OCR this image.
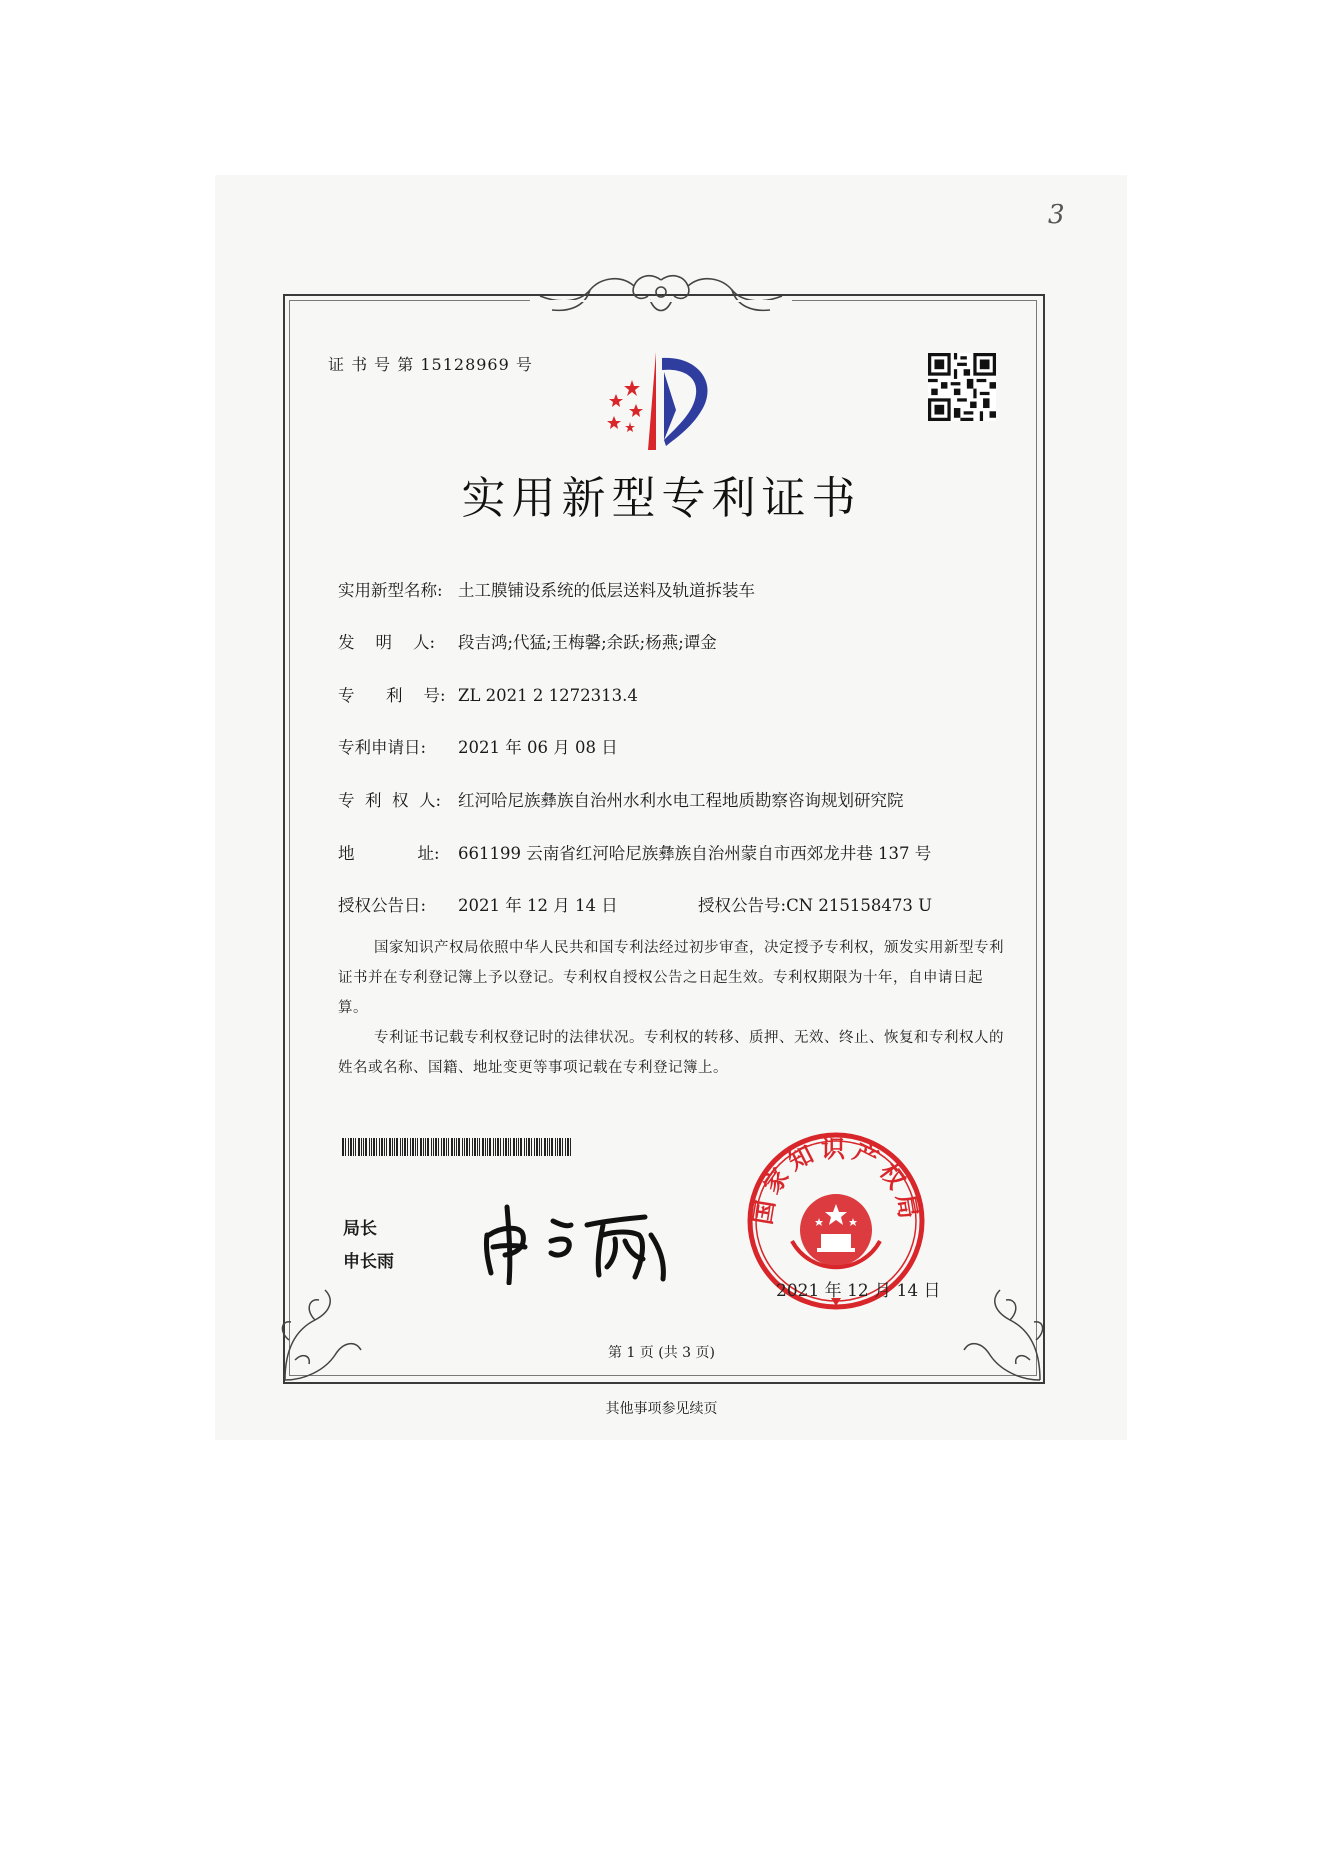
3
证 书 号 第 15128969 号
实用新型专利证书
实用新型名称: 土工膜铺设系统的低层送料及轨道拆装车
发    明    人: 段吉鸿;代猛;王梅馨;余跃;杨燕;谭金
专      利    号: ZL 2021 2 1272313.4
专利申请日: 2021 年 06 月 08 日
专  利  权  人: 红河哈尼族彝族自治州水利水电工程地质勘察咨询规划研究院
地            址: 661199 云南省红河哈尼族彝族自治州蒙自市西郊龙井巷 137 号
授权公告日: 2021 年 12 月 14 日	授权公告号:CN 215158473 U
国家知识产权局依照中华人民共和国专利法经过初步审查，决定授予专利权，颁发实用新型专利证书并在专利登记簿上予以登记。专利权自授权公告之日起生效。专利权期限为十年，自申请日起算。
专利证书记载专利权登记时的法律状况。专利权的转移、质押、无效、终止、恢复和专利权人的姓名或名称、国籍、地址变更等事项记载在专利登记簿上。
局长
申长雨
国家知识产权局
2021 年 12 月 14 日
第 1 页 (共 3 页)
其他事项参见续页
